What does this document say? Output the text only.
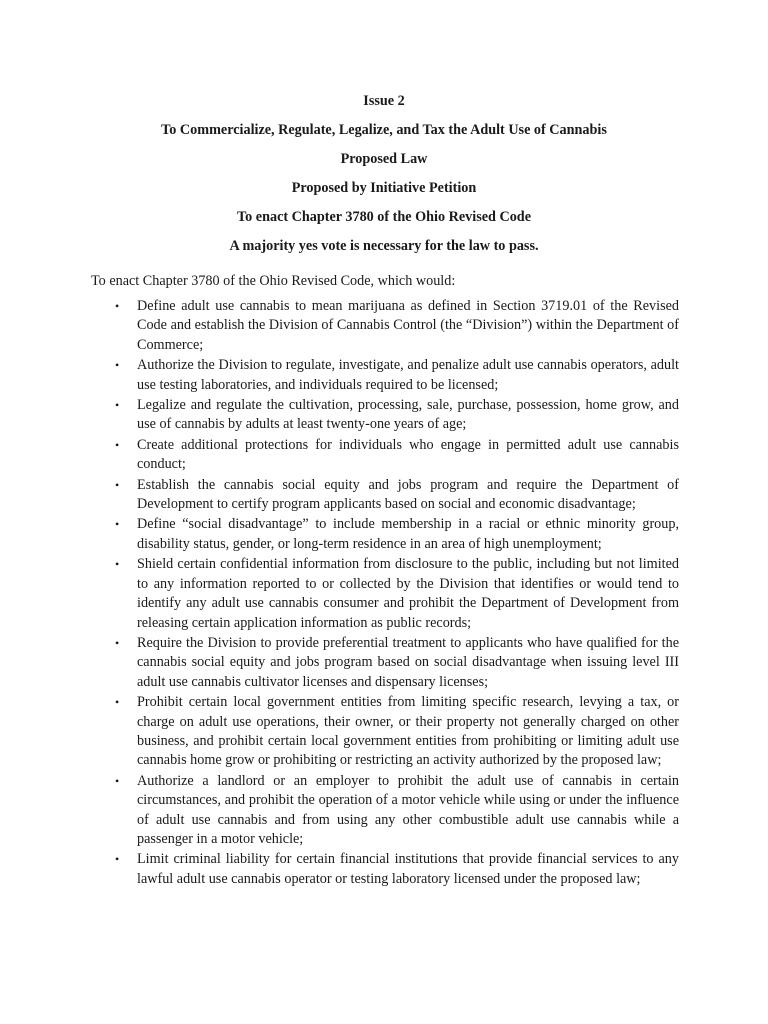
Issue 2

To Commercialize, Regulate, Legalize, and Tax the Adult Use of Cannabis

Proposed Law

Proposed by Initiative Petition

To enact Chapter 3780 of the Ohio Revised Code

A majority yes vote is necessary for the law to pass.

To enact Chapter 3780 of the Ohio Revised Code, which would:

•	Define adult use cannabis to mean marijuana as defined in Section 3719.01 of the Revised Code and establish the Division of Cannabis Control (the “Division”) within the Department of Commerce;
•	Authorize the Division to regulate, investigate, and penalize adult use cannabis operators, adult use testing laboratories, and individuals required to be licensed;
•	Legalize and regulate the cultivation, processing, sale, purchase, possession, home grow, and use of cannabis by adults at least twenty-one years of age;
•	Create additional protections for individuals who engage in permitted adult use cannabis conduct;
•	Establish the cannabis social equity and jobs program and require the Department of Development to certify program applicants based on social and economic disadvantage;
•	Define “social disadvantage” to include membership in a racial or ethnic minority group, disability status, gender, or long-term residence in an area of high unemployment;
•	Shield certain confidential information from disclosure to the public, including but not limited to any information reported to or collected by the Division that identifies or would tend to identify any adult use cannabis consumer and prohibit the Department of Development from releasing certain application information as public records;
•	Require the Division to provide preferential treatment to applicants who have qualified for the cannabis social equity and jobs program based on social disadvantage when issuing level III adult use cannabis cultivator licenses and dispensary licenses;
•	Prohibit certain local government entities from limiting specific research, levying a tax, or charge on adult use operations, their owner, or their property not generally charged on other business, and prohibit certain local government entities from prohibiting or limiting adult use cannabis home grow or prohibiting or restricting an activity authorized by the proposed law;
•	Authorize a landlord or an employer to prohibit the adult use of cannabis in certain circumstances, and prohibit the operation of a motor vehicle while using or under the influence of adult use cannabis and from using any other combustible adult use cannabis while a passenger in a motor vehicle;
•	Limit criminal liability for certain financial institutions that provide financial services to any lawful adult use cannabis operator or testing laboratory licensed under the proposed law;
